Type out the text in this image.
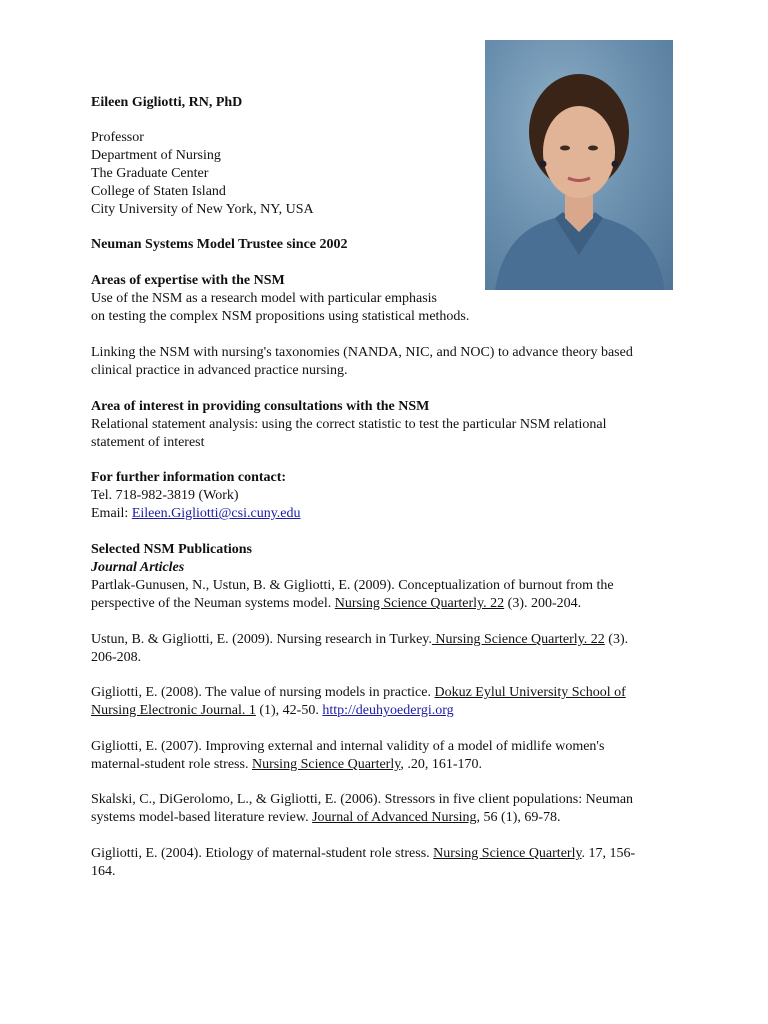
Eileen Gigliotti, RN, PhD
Professor
Department of Nursing
The Graduate Center
College of Staten Island
City University of New York, NY, USA
Neuman Systems Model Trustee since 2002
Areas of expertise with the NSM
Use of the NSM as a research model with particular emphasis
on testing the complex NSM propositions using statistical methods.
Linking the NSM with nursing's taxonomies (NANDA, NIC, and NOC) to advance theory based
clinical practice in advanced practice nursing.
Area of interest in providing consultations with the NSM
Relational statement analysis: using the correct statistic to test the particular NSM relational
statement of interest
For further information contact:
Tel. 718-982-3819 (Work)
Email: Eileen.Gigliotti@csi.cuny.edu
Selected NSM Publications
Journal Articles
Partlak-Gunusen, N., Ustun, B. & Gigliotti, E. (2009). Conceptualization of burnout from the
perspective of the Neuman systems model. Nursing Science Quarterly. 22 (3). 200-204.
Ustun, B. & Gigliotti, E. (2009). Nursing research in Turkey. Nursing Science Quarterly. 22 (3).
206-208.
Gigliotti, E. (2008). The value of nursing models in practice. Dokuz Eylul University School of
Nursing Electronic Journal. 1 (1), 42-50. http://deuhyoedergi.org
Gigliotti, E. (2007). Improving external and internal validity of a model of midlife women's
maternal-student role stress. Nursing Science Quarterly, .20, 161-170.
Skalski, C., DiGerolomo, L., & Gigliotti, E. (2006). Stressors in five client populations: Neuman
systems model-based literature review. Journal of Advanced Nursing, 56 (1), 69-78.
Gigliotti, E. (2004). Etiology of maternal-student role stress. Nursing Science Quarterly. 17, 156-
164.
